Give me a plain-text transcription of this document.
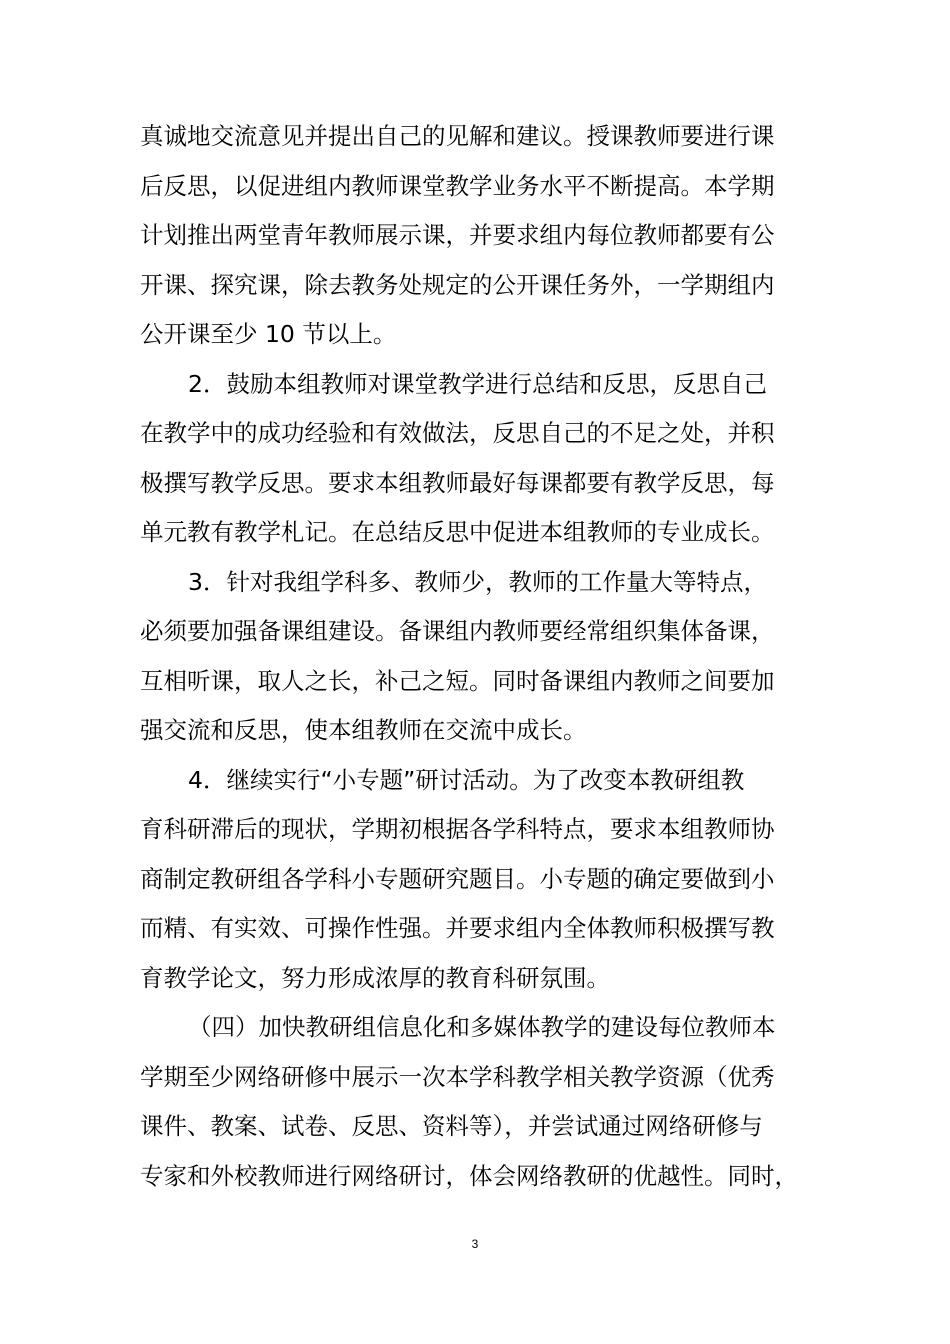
真诚地交流意见并提出自己的见解和建议。授课教师要进行课
后反思，以促进组内教师课堂教学业务水平不断提高。本学期
计划推出两堂青年教师展示课，并要求组内每位教师都要有公
开课、探究课，除去教务处规定的公开课任务外，一学期组内
公开课至少 10 节以上。
2．鼓励本组教师对课堂教学进行总结和反思，反思自己
在教学中的成功经验和有效做法，反思自己的不足之处，并积
极撰写教学反思。要求本组教师最好每课都要有教学反思，每
单元教有教学札记。在总结反思中促进本组教师的专业成长。
3．针对我组学科多、教师少，教师的工作量大等特点，
必须要加强备课组建设。备课组内教师要经常组织集体备课，
互相听课，取人之长，补己之短。同时备课组内教师之间要加
强交流和反思，使本组教师在交流中成长。
4．继续实行“小专题”研讨活动。为了改变本教研组教
育科研滞后的现状，学期初根据各学科特点，要求本组教师协
商制定教研组各学科小专题研究题目。小专题的确定要做到小
而精、有实效、可操作性强。并要求组内全体教师积极撰写教
育教学论文，努力形成浓厚的教育科研氛围。
（四）加快教研组信息化和多媒体教学的建设每位教师本
学期至少网络研修中展示一次本学科教学相关教学资源（优秀
课件、教案、试卷、反思、资料等），并尝试通过网络研修与
专家和外校教师进行网络研讨，体会网络教研的优越性。同时，
3
